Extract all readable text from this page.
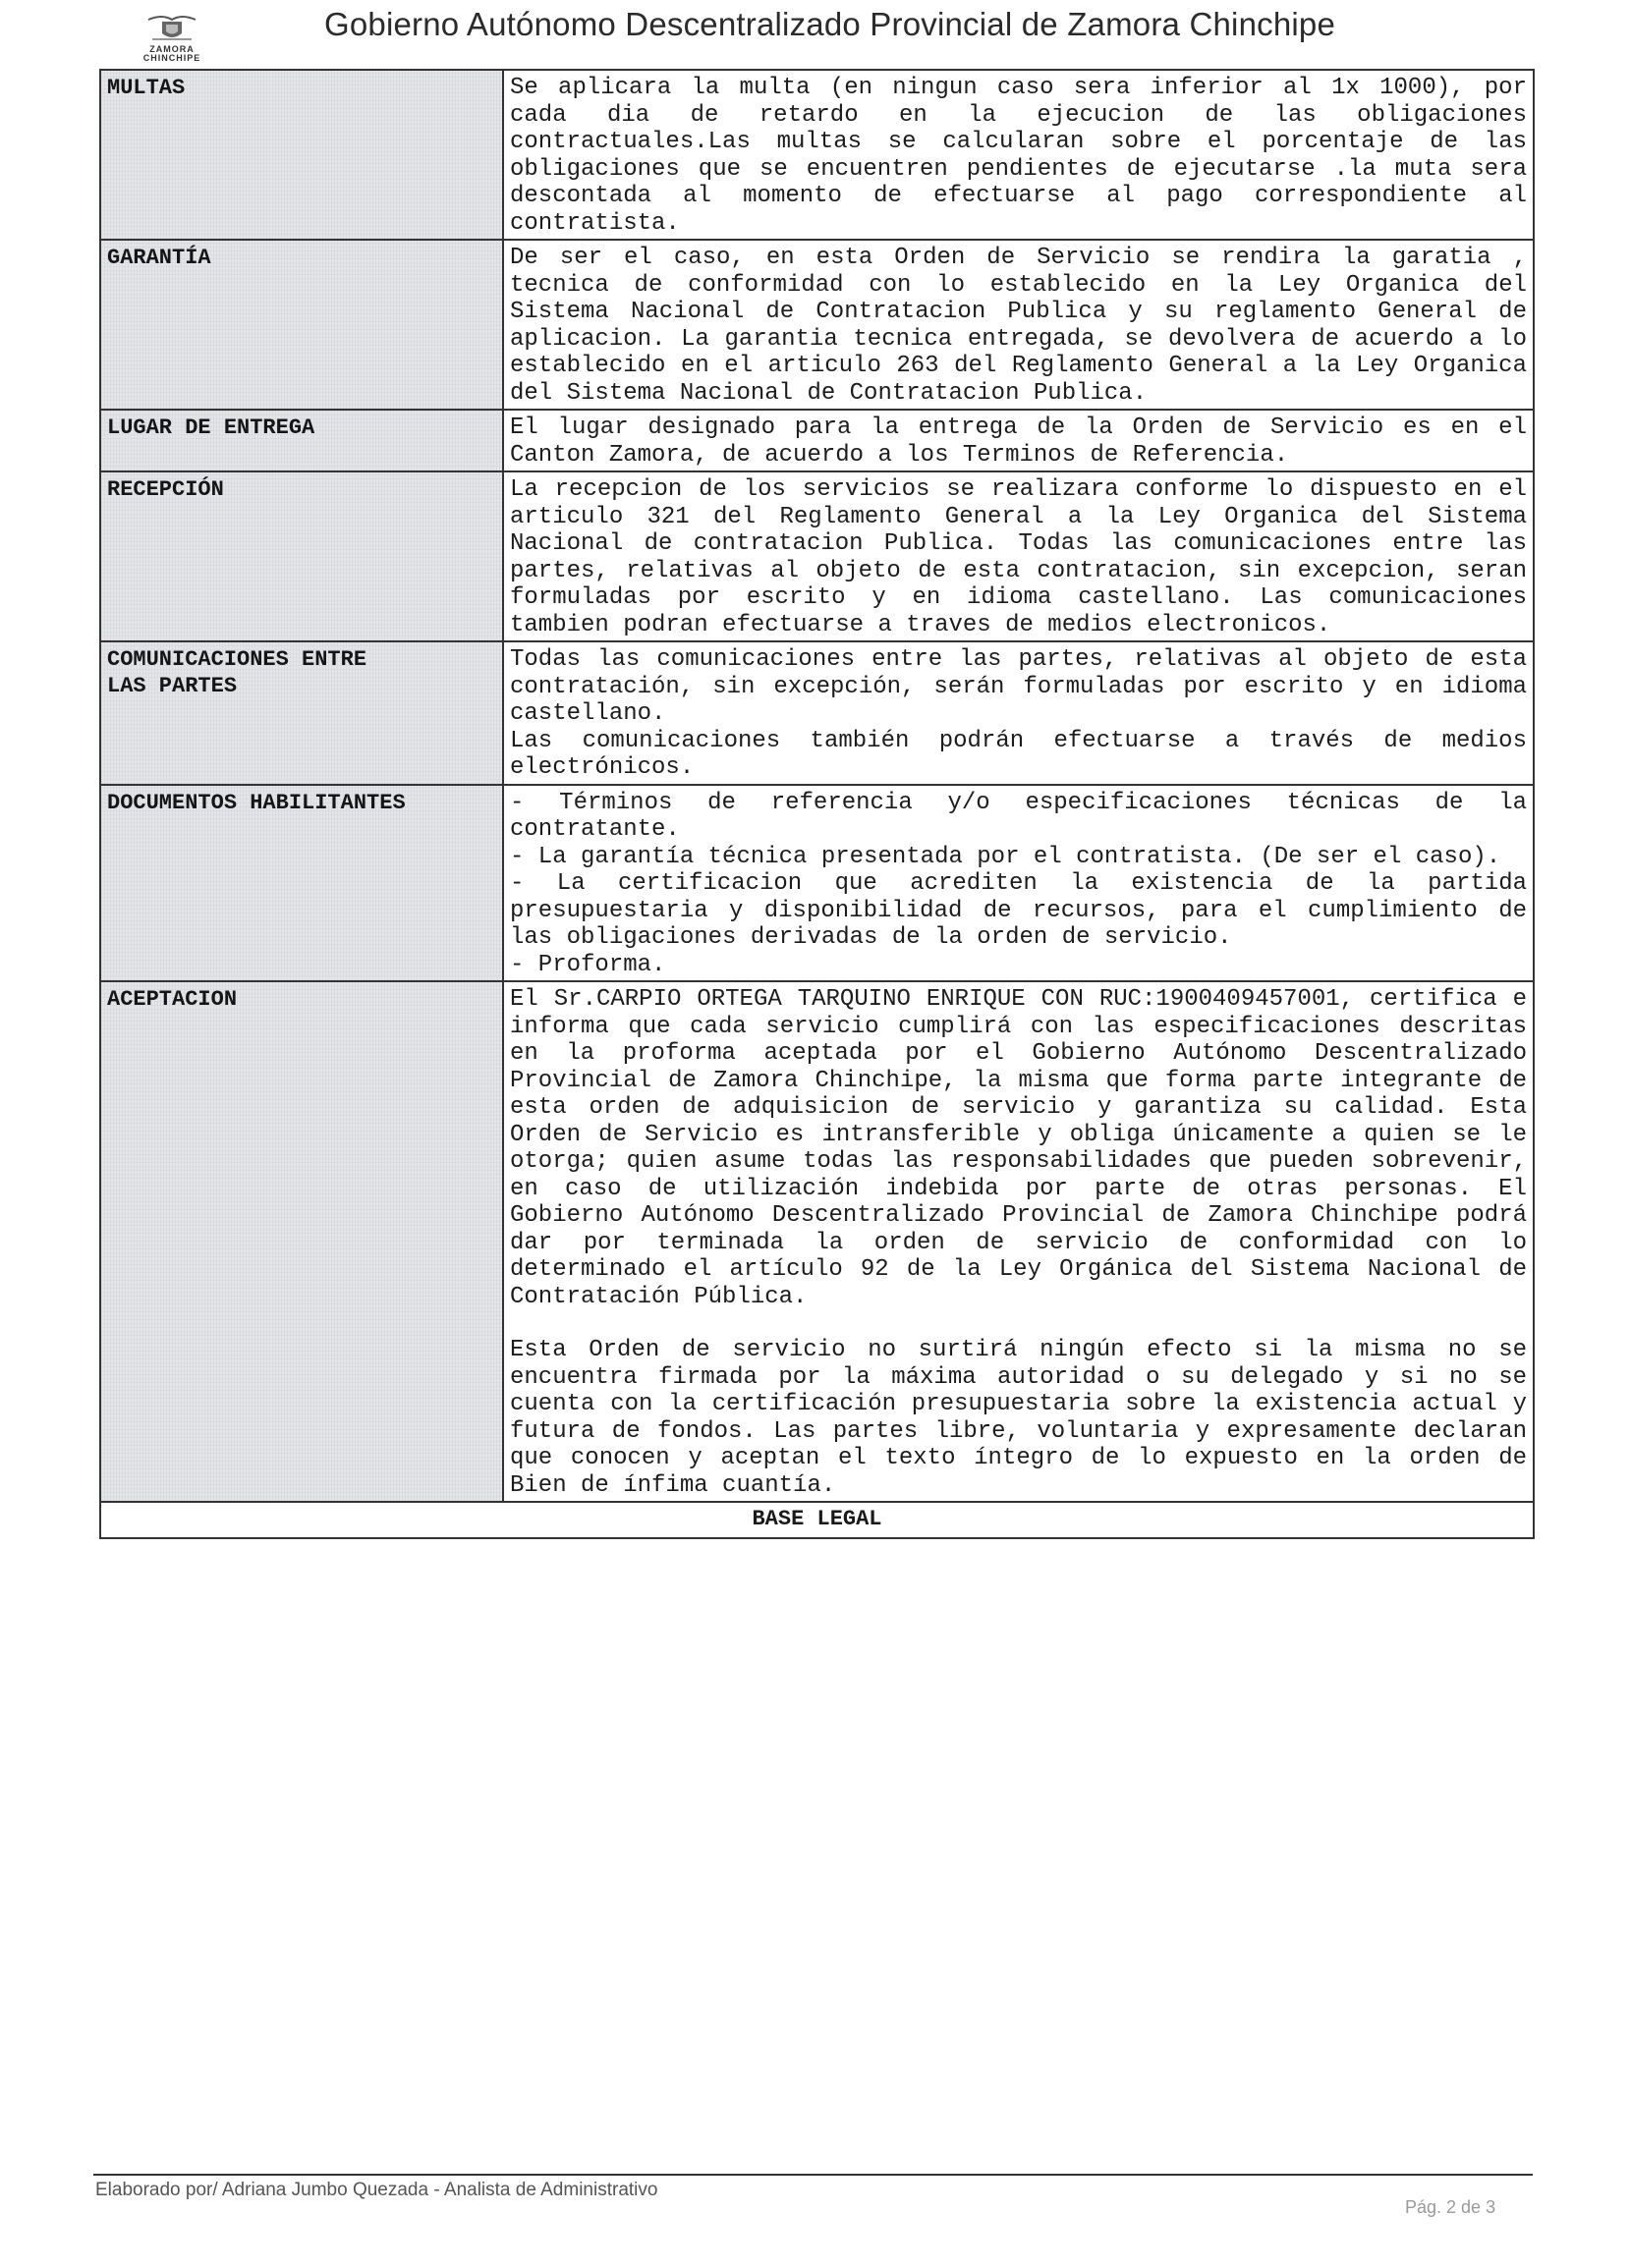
ZAMORA
CHINCHIPE
Gobierno Autónomo Descentralizado Provincial de Zamora Chinchipe
MULTAS	Se aplicara la multa (en ningun caso sera inferior al 1x 1000), por cada dia de retardo en la ejecucion de las obligaciones contractuales.Las multas se calcularan sobre el porcentaje de las obligaciones que se encuentren pendientes de ejecutarse .la muta sera descontada al momento de efectuarse al pago correspondiente al contratista.

GARANTÍA	De ser el caso, en esta Orden de Servicio se rendira la garatia , tecnica de conformidad con lo establecido en la Ley Organica del Sistema Nacional de Contratacion Publica y su reglamento General de aplicacion. La garantia tecnica entregada, se devolvera de acuerdo a lo establecido en el articulo 263 del Reglamento General a la Ley Organica del Sistema Nacional de Contratacion Publica.

LUGAR DE ENTREGA	El lugar designado para la entrega de la Orden de Servicio es en el Canton Zamora, de acuerdo a los Terminos de Referencia.

RECEPCIÓN	La recepcion de los servicios se realizara conforme lo dispuesto en el articulo 321 del Reglamento General a la Ley Organica del Sistema Nacional de contratacion Publica. Todas las comunicaciones entre las partes, relativas al objeto de esta contratacion, sin excepcion, seran formuladas por escrito y en idioma castellano. Las comunicaciones tambien podran efectuarse a traves de medios electronicos.

COMUNICACIONES ENTRE
LAS PARTES	Todas las comunicaciones entre las partes, relativas al objeto de esta contratación, sin excepción, serán formuladas por escrito y en idioma castellano.
Las comunicaciones también podrán efectuarse a través de medios electrónicos.

DOCUMENTOS HABILITANTES	- Términos de referencia y/o especificaciones técnicas de la contratante.
- La garantía técnica presentada por el contratista. (De ser el caso).
- La certificacion que acrediten la existencia de la partida presupuestaria y disponibilidad de recursos, para el cumplimiento de las obligaciones derivadas de la orden de servicio.
- Proforma.

ACEPTACION	El Sr.CARPIO ORTEGA TARQUINO ENRIQUE CON RUC:1900409457001, certifica e informa que cada servicio cumplirá con las especificaciones descritas en la proforma aceptada por el Gobierno Autónomo Descentralizado Provincial de Zamora Chinchipe, la misma que forma parte integrante de esta orden de adquisicion de servicio y garantiza su calidad. Esta Orden de Servicio es intransferible y obliga únicamente a quien se le otorga; quien asume todas las responsabilidades que pueden sobrevenir, en caso de utilización indebida por parte de otras personas. El Gobierno Autónomo Descentralizado Provincial de Zamora Chinchipe podrá dar por terminada la orden de servicio de conformidad con lo determinado el artículo 92 de la Ley Orgánica del Sistema Nacional de Contratación Pública.
Esta Orden de servicio no surtirá ningún efecto si la misma no se encuentra firmada por la máxima autoridad o su delegado y si no se cuenta con la certificación presupuestaria sobre la existencia actual y futura de fondos. Las partes libre, voluntaria y expresamente declaran que conocen y aceptan el texto íntegro de lo expuesto en la orden de Bien de ínfima cuantía.

BASE LEGAL	
Elaborado por/ Adriana Jumbo Quezada - Analista de Administrativo
Pág. 2 de 3
